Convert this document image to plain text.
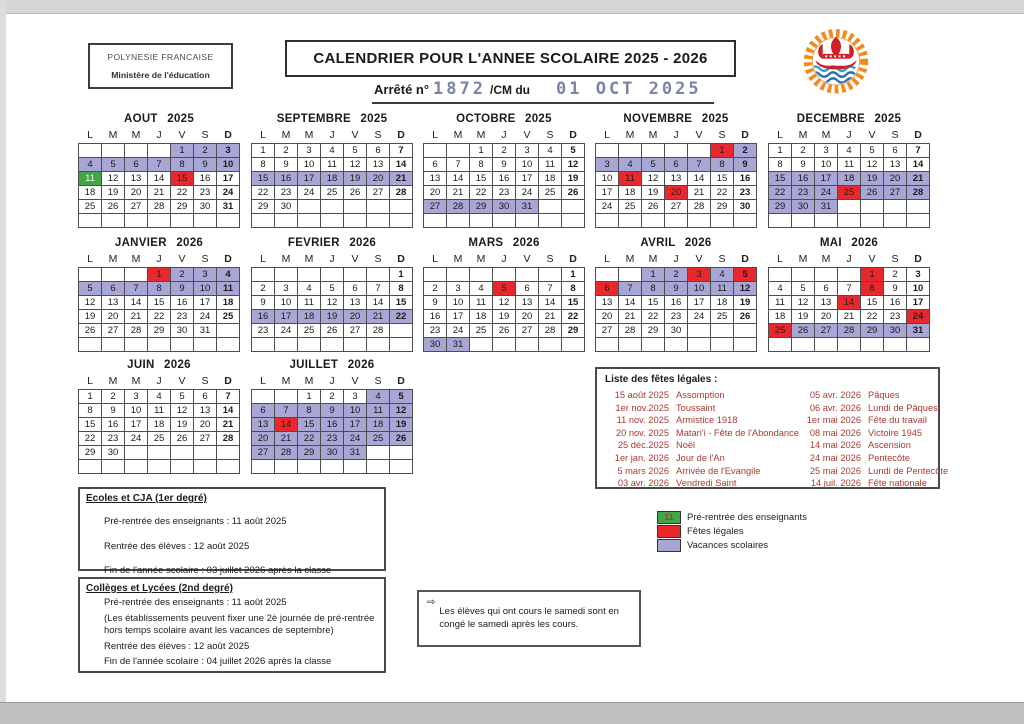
POLYNESIE FRANCAISE
Ministère de l'éducation
CALENDRIER POUR L'ANNEE SCOLAIRE 2025 - 2026
Arrêté n° 1872 /CM du 01 OCT 2025
AOUT 2025
L	M	M	J	V	S	D
				1	2	3
4	5	6	7	8	9	10
11	12	13	14	15	16	17
18	19	20	21	22	23	24
25	26	27	28	29	30	31

SEPTEMBRE 2025
L	M	M	J	V	S	D
1	2	3	4	5	6	7
8	9	10	11	12	13	14
15	16	17	18	19	20	21
22	23	24	25	26	27	28
29	30					

OCTOBRE 2025
L	M	M	J	V	S	D
		1	2	3	4	5
6	7	8	9	10	11	12
13	14	15	16	17	18	19
20	21	22	23	24	25	26
27	28	29	30	31		

NOVEMBRE 2025
L	M	M	J	V	S	D
					1	2
3	4	5	6	7	8	9
10	11	12	13	14	15	16
17	18	19	20	21	22	23
24	25	26	27	28	29	30

DECEMBRE 2025
L	M	M	J	V	S	D
1	2	3	4	5	6	7
8	9	10	11	12	13	14
15	16	17	18	19	20	21
22	23	24	25	26	27	28
29	30	31				

JANVIER 2026
L	M	M	J	V	S	D
			1	2	3	4
5	6	7	8	9	10	11
12	13	14	15	16	17	18
19	20	21	22	23	24	25
26	27	28	29	30	31	

FEVRIER 2026
L	M	M	J	V	S	D
						1
2	3	4	5	6	7	8
9	10	11	12	13	14	15
16	17	18	19	20	21	22
23	24	25	26	27	28	

MARS 2026
L	M	M	J	V	S	D
						1
2	3	4	5	6	7	8
9	10	11	12	13	14	15
16	17	18	19	20	21	22
23	24	25	26	27	28	29
30	31					
AVRIL 2026
L	M	M	J	V	S	D
		1	2	3	4	5
6	7	8	9	10	11	12
13	14	15	16	17	18	19
20	21	22	23	24	25	26
27	28	29	30			

MAI 2026
L	M	M	J	V	S	D
				1	2	3
4	5	6	7	8	9	10
11	12	13	14	15	16	17
18	19	20	21	22	23	24
25	26	27	28	29	30	31

JUIN 2026
L	M	M	J	V	S	D
1	2	3	4	5	6	7
8	9	10	11	12	13	14
15	16	17	18	19	20	21
22	23	24	25	26	27	28
29	30					

JUILLET 2026
L	M	M	J	V	S	D
		1	2	3	4	5
6	7	8	9	10	11	12
13	14	15	16	17	18	19
20	21	22	23	24	25	26
27	28	29	30	31		

Liste des fêtes légales :
15 août 2025 Assomption
1er nov.2025 Toussaint
11 nov. 2025 Armistice 1918
20 nov. 2025 Matari'i - Fête de l'Abondance
25 déc.2025 Noël
1er jan. 2026 Jour de l'An
5 mars 2026 Arrivée de l'Evangile
03 avr. 2026 Vendredi Saint
05 avr. 2026 Pâques
06 avr. 2026 Lundi de Pâques
1er mai 2026 Fête du travail
08 mai 2026 Victoire 1945
14 mai 2026 Ascension
24 mai 2026 Pentecôte
25 mai 2026 Lundi de Pentecôte
14 juil. 2026 Fête nationale
11	Pré-rentrée des enseignants
Fêtes légales
Vacances scolaires
Ecoles et CJA (1er degré)
Pré-rentrée des enseignants : 11 août 2025
Rentrée des élèves : 12 août 2025
Fin de l'année scolaire : 03 juillet 2026 après la classe
Collèges et Lycées (2nd degré)
Pré-rentrée des enseignants : 11 août 2025
(Les établissements peuvent fixer une 2è journée de pré-rentrée hors temps scolaire avant les vacances de septembre)
Rentrée des élèves : 12 août 2025
Fin de l'année scolaire : 04 juillet 2026 après la classe
⇨
Les élèves qui ont cours le samedi sont en congé le samedi après les cours.
